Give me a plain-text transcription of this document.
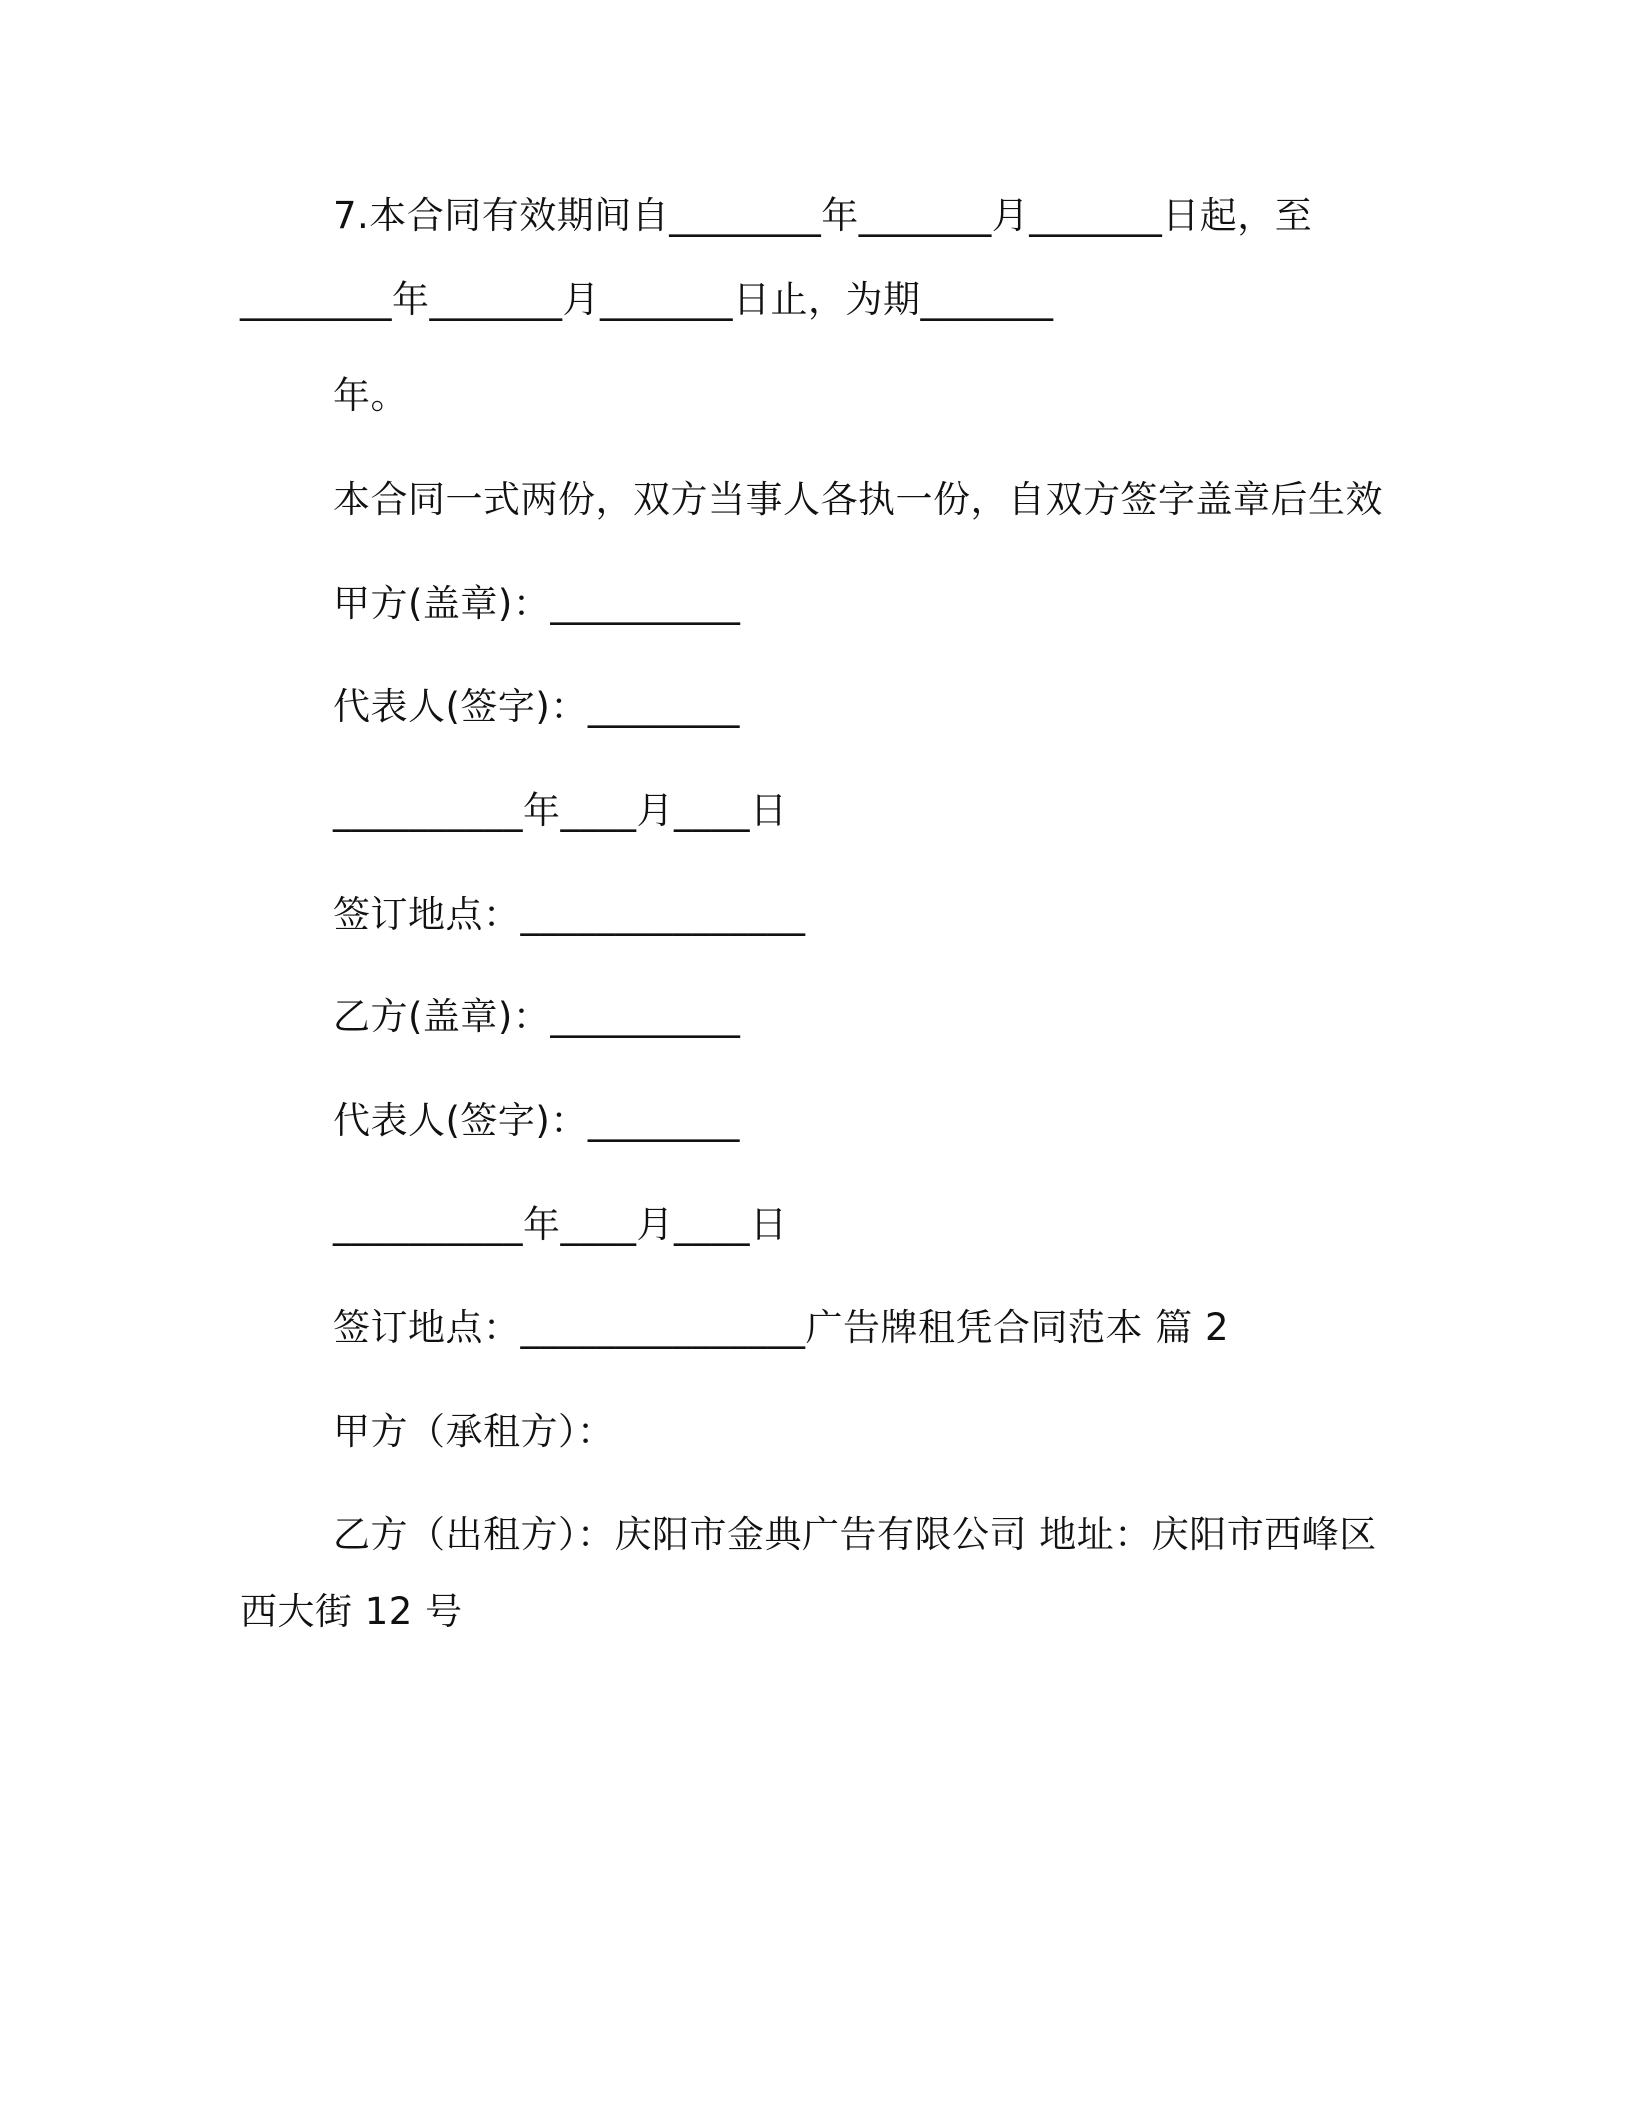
7.本合同有效期间自________年_______月_______日起，至
________年_______月_______日止，为期_______
年。
本合同一式两份，双方当事人各执一份，自双方签字盖章后生效
甲方(盖章)：__________
代表人(签字)：________
__________年____月____日
签订地点：_______________
乙方(盖章)：__________
代表人(签字)：________
__________年____月____日
签订地点：_______________广告牌租凭合同范本 篇 2
甲方（承租方）：
乙方（出租方）：庆阳市金典广告有限公司 地址：庆阳市西峰区
西大街 12 号
